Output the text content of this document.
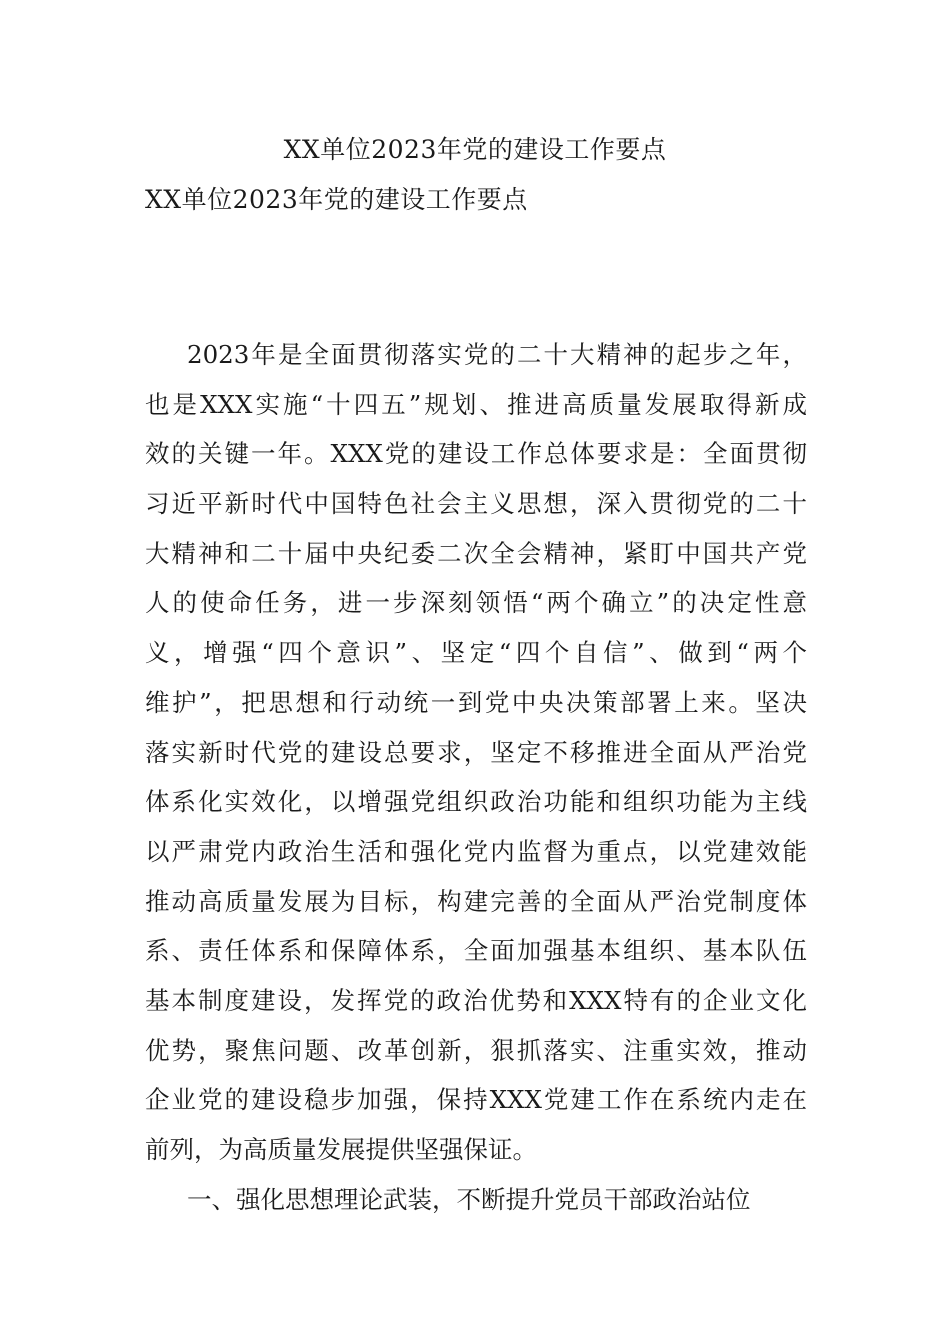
XX单位2023年党的建设工作要点
XX单位2023年党的建设工作要点
2023年是全面贯彻落实党的二十大精神的起步之年，
也是XXX实施“十四五”规划、推进高质量发展取得新成
效的关键一年。XXX党的建设工作总体要求是：全面贯彻
习近平新时代中国特色社会主义思想，深入贯彻党的二十
大精神和二十届中央纪委二次全会精神，紧盯中国共产党
人的使命任务，进一步深刻领悟“两个确立”的决定性意
义，增强“四个意识”、坚定“四个自信”、做到“两个
维护”，把思想和行动统一到党中央决策部署上来。坚决
落实新时代党的建设总要求，坚定不移推进全面从严治党
体系化实效化，以增强党组织政治功能和组织功能为主线
以严肃党内政治生活和强化党内监督为重点，以党建效能
推动高质量发展为目标，构建完善的全面从严治党制度体
系、责任体系和保障体系，全面加强基本组织、基本队伍
基本制度建设，发挥党的政治优势和XXX特有的企业文化
优势，聚焦问题、改革创新，狠抓落实、注重实效，推动
企业党的建设稳步加强，保持XXX党建工作在系统内走在
前列，为高质量发展提供坚强保证。
一、强化思想理论武装，不断提升党员干部政治站位
